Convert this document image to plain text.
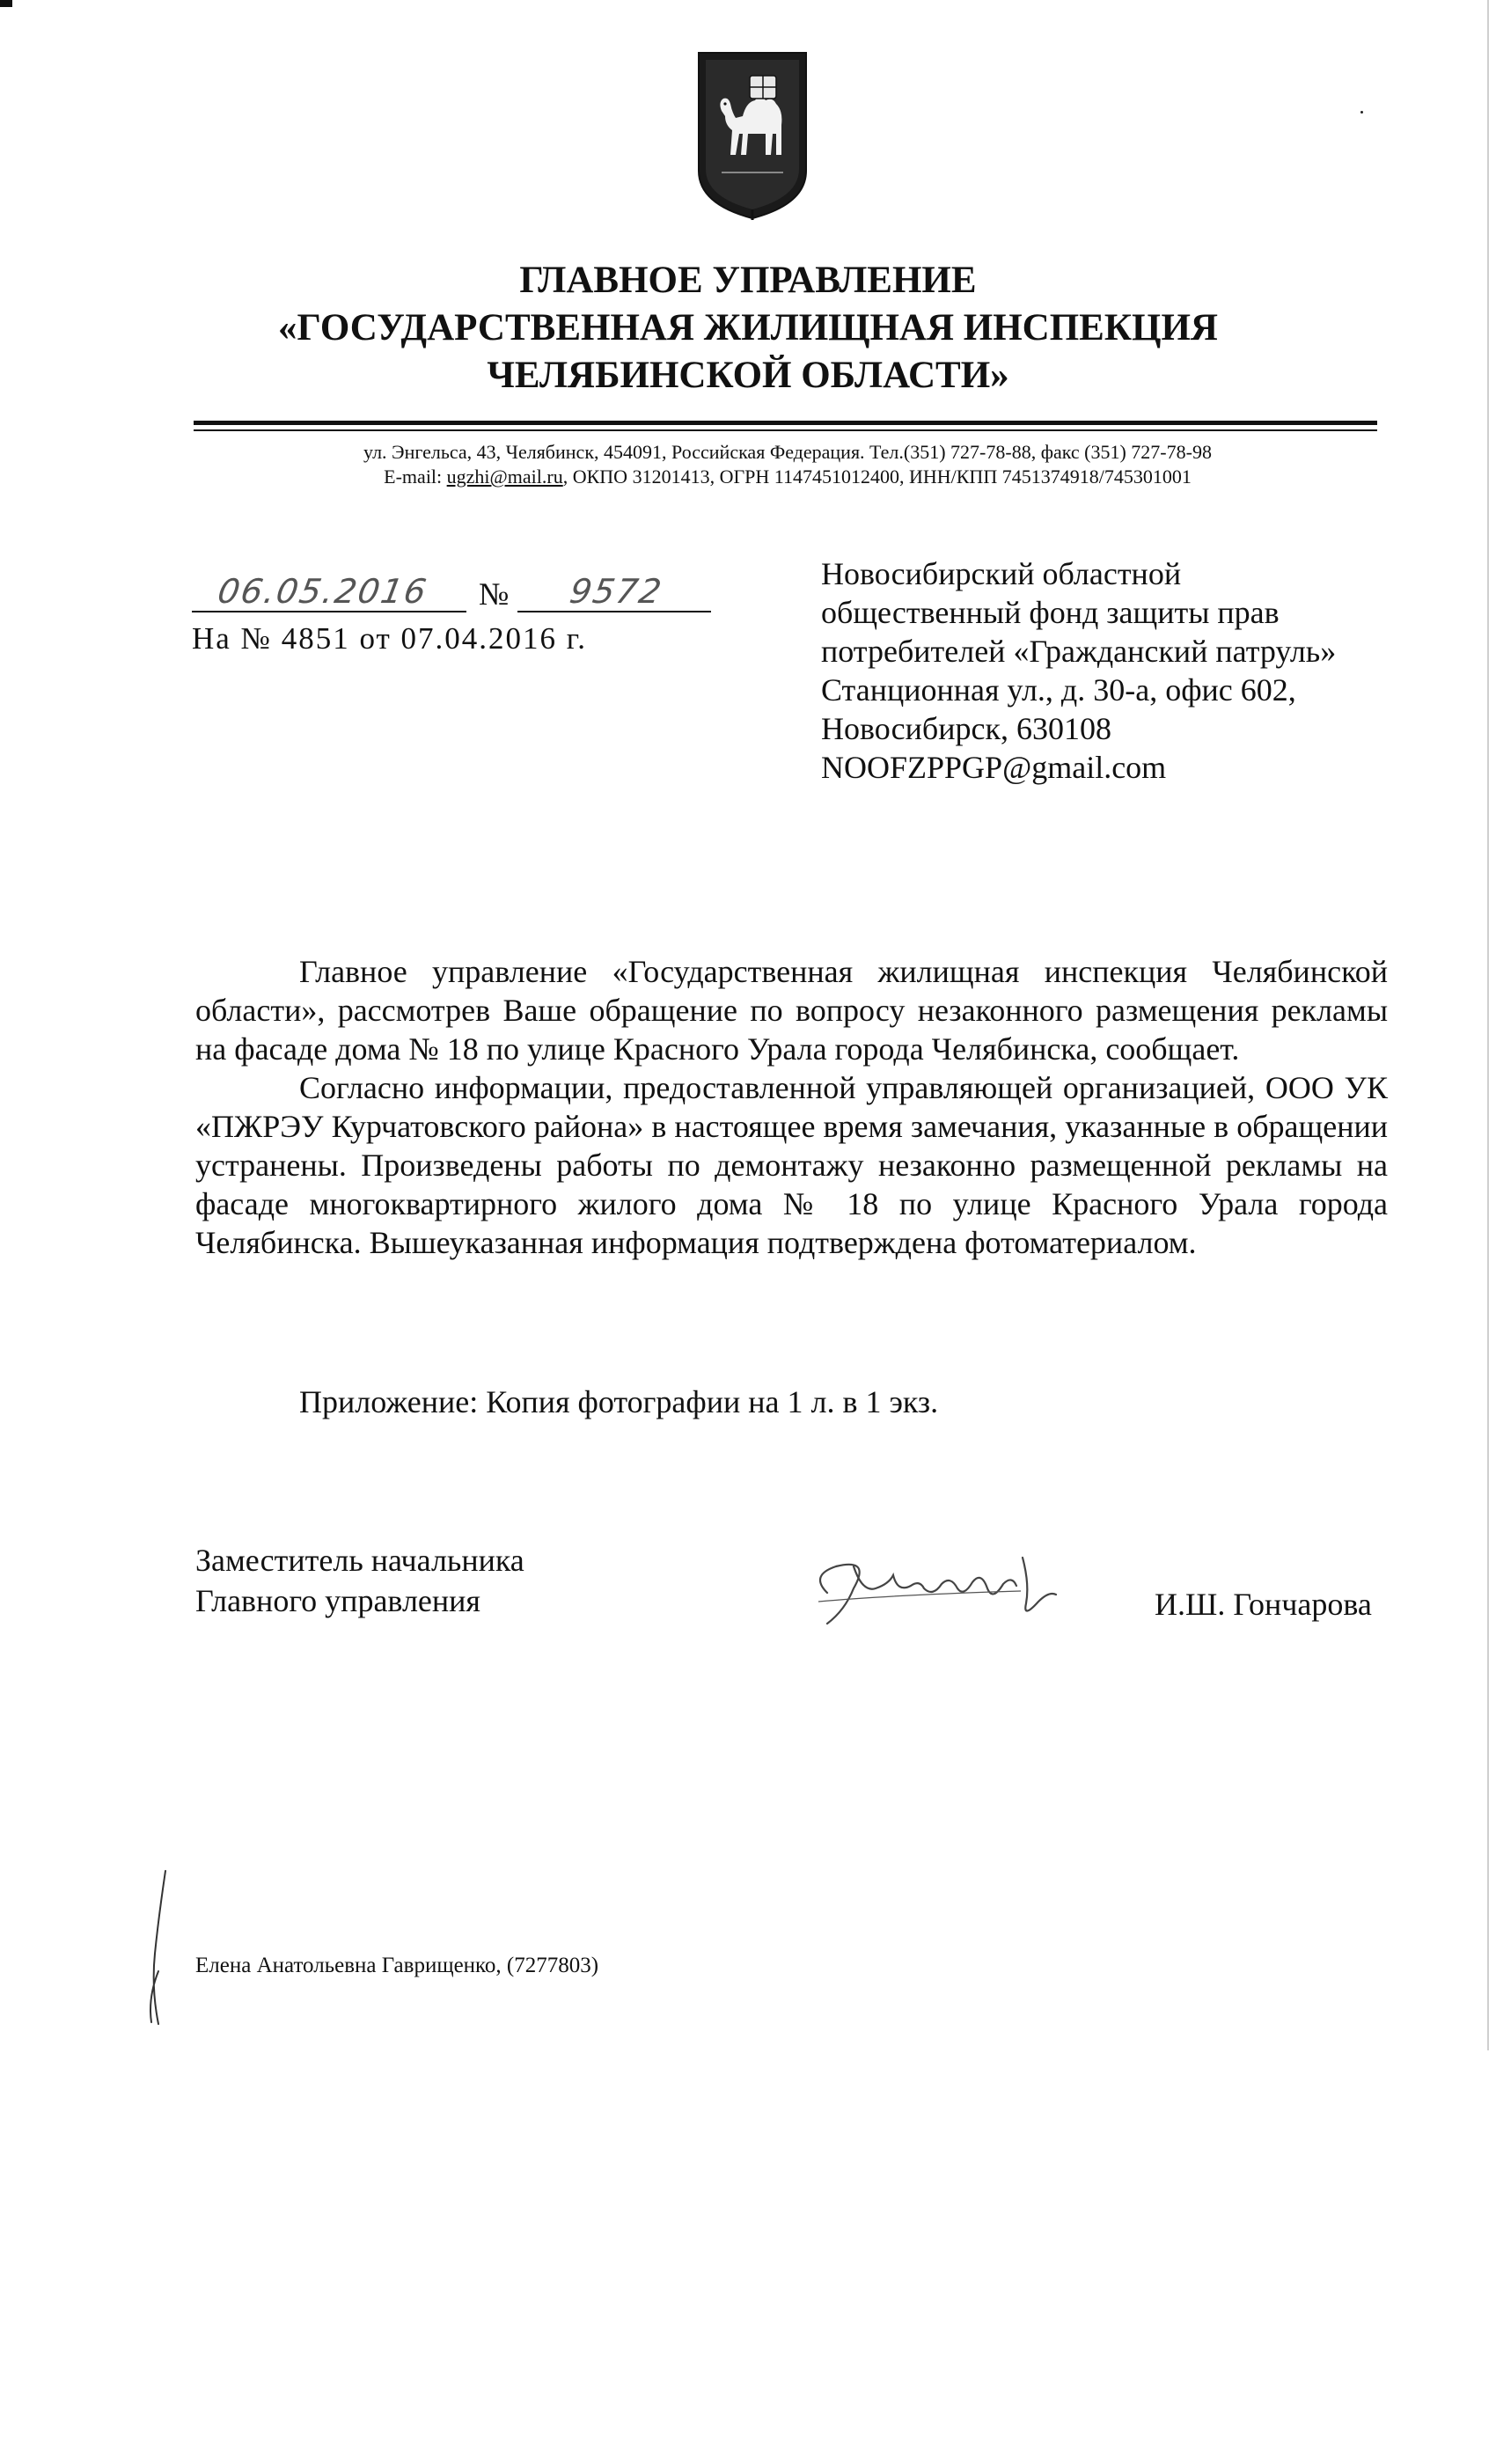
ГЛАВНОЕ УПРАВЛЕНИЕ
«ГОСУДАРСТВЕННАЯ ЖИЛИЩНАЯ ИНСПЕКЦИЯ
ЧЕЛЯБИНСКОЙ ОБЛАСТИ»
ул. Энгельса, 43, Челябинск, 454091, Российская Федерация. Тел.(351) 727-78-88, факс (351) 727-78-98
E-mail: ugzhi@mail.ru, ОКПО 31201413, ОГРН 1147451012400, ИНН/КПП 7451374918/745301001
06.05.2016 № 9572
На № 4851 от 07.04.2016 г.
Новосибирский областной
общественный фонд защиты прав
потребителей «Гражданский патруль»
Станционная ул., д. 30-а, офис 602,
Новосибирск, 630108
NOOFZPPGP@gmail.com

Главное управление «Государственная жилищная инспекция Челябинской области», рассмотрев Ваше обращение по вопросу незаконного размещения рекламы на фасаде дома № 18 по улице Красного Урала города Челябинска, сообщает.

Согласно информации, предоставленной управляющей организацией, ООО УК «ПЖРЭУ Курчатовского района» в настоящее время замечания, указанные в обращении устранены. Произведены работы по демонтажу незаконно размещенной рекламы на фасаде многоквартирного жилого дома № 18 по улице Красного Урала города Челябинска. Вышеуказанная информация подтверждена фотоматериалом.

Приложение: Копия фотографии на 1 л. в 1 экз.
Заместитель начальника
Главного управления	И.Ш. Гончарова
Елена Анатольевна Гаврищенко, (7277803)
